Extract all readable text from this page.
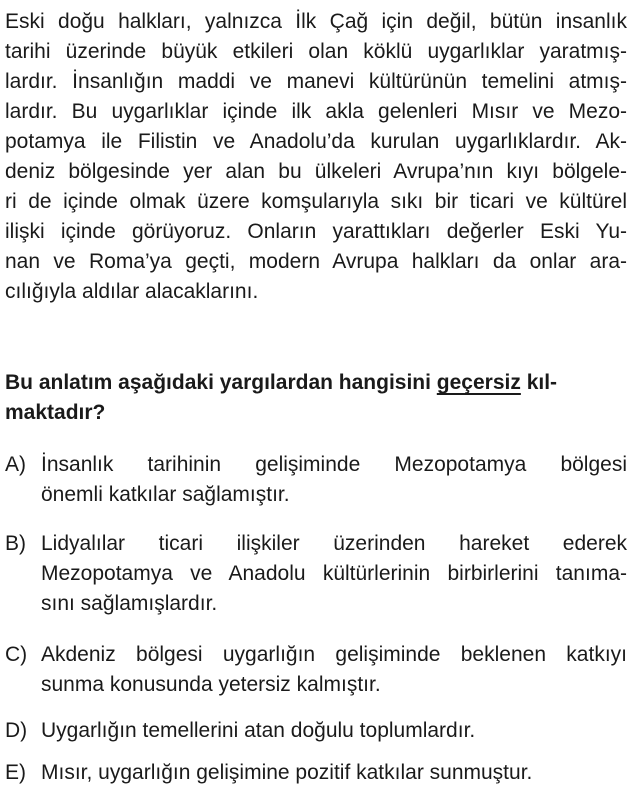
Eski doğu halkları, yalnızca İlk Çağ için değil, bütün insanlık
tarihi üzerinde büyük etkileri olan köklü uygarlıklar yaratmış-
lardır. İnsanlığın maddi ve manevi kültürünün temelini atmış-
lardır. Bu uygarlıklar içinde ilk akla gelenleri Mısır ve Mezo-
potamya ile Filistin ve Anadolu’da kurulan uygarlıklardır. Ak-
deniz bölgesinde yer alan bu ülkeleri Avrupa’nın kıyı bölgele-
ri de içinde olmak üzere komşularıyla sıkı bir ticari ve kültürel
ilişki içinde görüyoruz. Onların yarattıkları değerler Eski Yu-
nan ve Roma’ya geçti, modern Avrupa halkları da onlar ara-
cılığıyla aldılar alacaklarını.
Bu anlatım aşağıdaki yargılardan hangisini geçersiz kıl-
maktadır?
A) İnsanlık tarihinin gelişiminde Mezopotamya bölgesi
önemli katkılar sağlamıştır.
B) Lidyalılar ticari ilişkiler üzerinden hareket ederek
Mezopotamya ve Anadolu kültürlerinin birbirlerini tanıma-
sını sağlamışlardır.
C) Akdeniz bölgesi uygarlığın gelişiminde beklenen katkıyı
sunma konusunda yetersiz kalmıştır.
D) Uygarlığın temellerini atan doğulu toplumlardır.
E) Mısır, uygarlığın gelişimine pozitif katkılar sunmuştur.
